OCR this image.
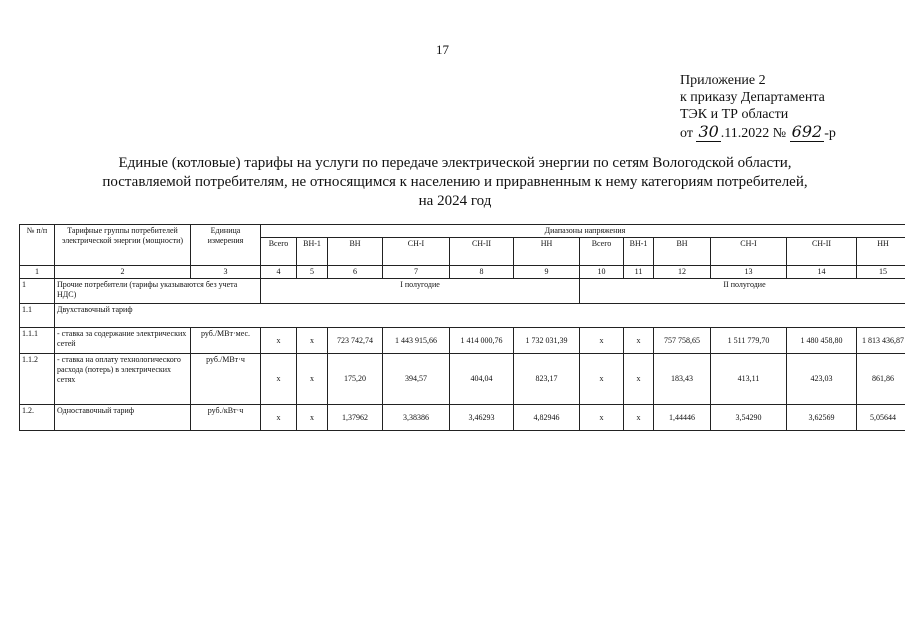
17
Приложение 2
к приказу Департамента
ТЭК и ТР области
от 30 .11.2022 № 692 -р
Единые (котловые) тарифы на услуги по передаче электрической энергии по сетям Вологодской области,
поставляемой потребителям, не относящимся к населению и приравненным к нему категориям потребителей,
на 2024 год
№ п/п	Тарифные группы потребителей электрической энергии (мощности)	Единица измерения	Диапазоны напряжения											
			Всего	ВН-1	ВН	СН-I	СН-II	НН	Всего	ВН-1	ВН	СН-I	СН-II	НН
1	2	3	4	5	6	7	8	9	10	11	12	13	14	15
1	Прочие потребители (тарифы указываются без учета НДС)		I полугодие						II полугодие					
1.1	Двухставочный тариф													
1.1.1	- ставка за содержание электрических сетей	руб./МВт·мес.	x	x	723 742,74	1 443 915,66	1 414 000,76	1 732 031,39	x	x	757 758,65	1 511 779,70	1 480 458,80	1 813 436,87
1.1.2	- ставка на оплату технологического расхода (потерь) в электрических сетях	руб./МВт·ч	x	x	175,20	394,57	404,04	823,17	x	x	183,43	413,11	423,03	861,86
1.2.	Одноставочный тариф	руб./кВт·ч	x	x	1,37962	3,38386	3,46293	4,82946	x	x	1,44446	3,54290	3,62569	5,05644
